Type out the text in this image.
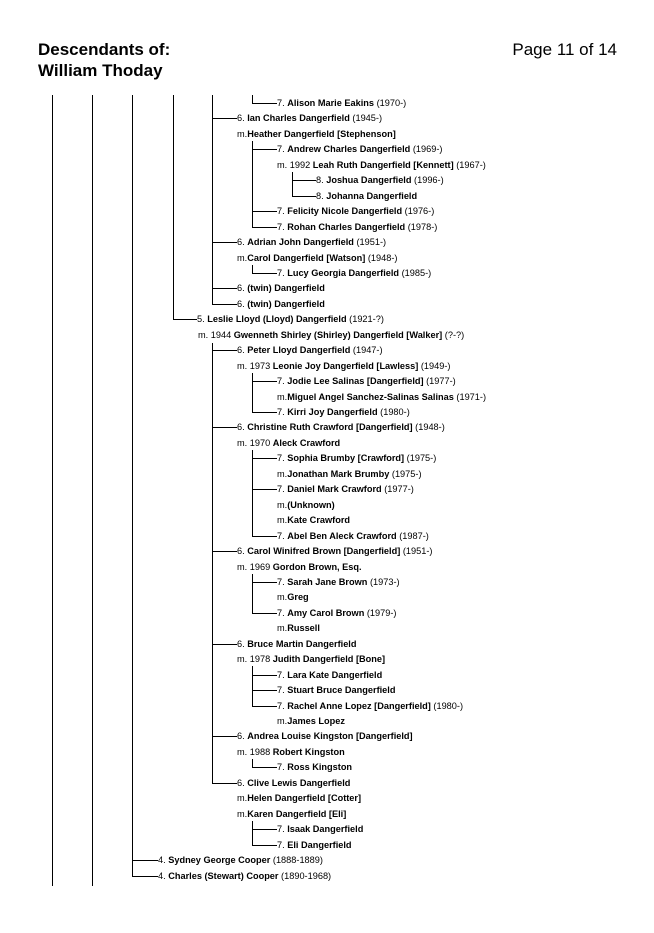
Descendants of:
William Thoday
Page 11 of 14
7. Alison Marie Eakins (1970-)
6. Ian Charles Dangerfield (1945-)
m.Heather Dangerfield [Stephenson]
7. Andrew Charles Dangerfield (1969-)
m. 1992 Leah Ruth Dangerfield [Kennett] (1967-)
8. Joshua Dangerfield (1996-)
8. Johanna Dangerfield
7. Felicity Nicole Dangerfield (1976-)
7. Rohan Charles Dangerfield (1978-)
6. Adrian John Dangerfield (1951-)
m.Carol Dangerfield [Watson] (1948-)
7. Lucy Georgia Dangerfield (1985-)
6. (twin) Dangerfield
6. (twin) Dangerfield
5. Leslie Lloyd (Lloyd) Dangerfield (1921-?)
m. 1944 Gwenneth Shirley (Shirley) Dangerfield [Walker] (?-?)
6. Peter Lloyd Dangerfield (1947-)
m. 1973 Leonie Joy Dangerfield [Lawless] (1949-)
7. Jodie Lee Salinas [Dangerfield] (1977-)
m.Miguel Angel Sanchez-Salinas Salinas (1971-)
7. Kirri Joy Dangerfield (1980-)
6. Christine Ruth Crawford [Dangerfield] (1948-)
m. 1970 Aleck Crawford
7. Sophia Brumby [Crawford] (1975-)
m.Jonathan Mark Brumby (1975-)
7. Daniel Mark Crawford (1977-)
m.(Unknown)
m.Kate Crawford
7. Abel Ben Aleck Crawford (1987-)
6. Carol Winifred Brown [Dangerfield] (1951-)
m. 1969 Gordon Brown, Esq.
7. Sarah Jane Brown (1973-)
m.Greg
7. Amy Carol Brown (1979-)
m.Russell
6. Bruce Martin Dangerfield
m. 1978 Judith Dangerfield [Bone]
7. Lara Kate Dangerfield
7. Stuart Bruce Dangerfield
7. Rachel Anne Lopez [Dangerfield] (1980-)
m.James Lopez
6. Andrea Louise Kingston [Dangerfield]
m. 1988 Robert Kingston
7. Ross Kingston
6. Clive Lewis Dangerfield
m.Helen Dangerfield [Cotter]
m.Karen Dangerfield [Eli]
7. Isaak Dangerfield
7. Eli Dangerfield
4. Sydney George Cooper (1888-1889)
4. Charles (Stewart) Cooper (1890-1968)
